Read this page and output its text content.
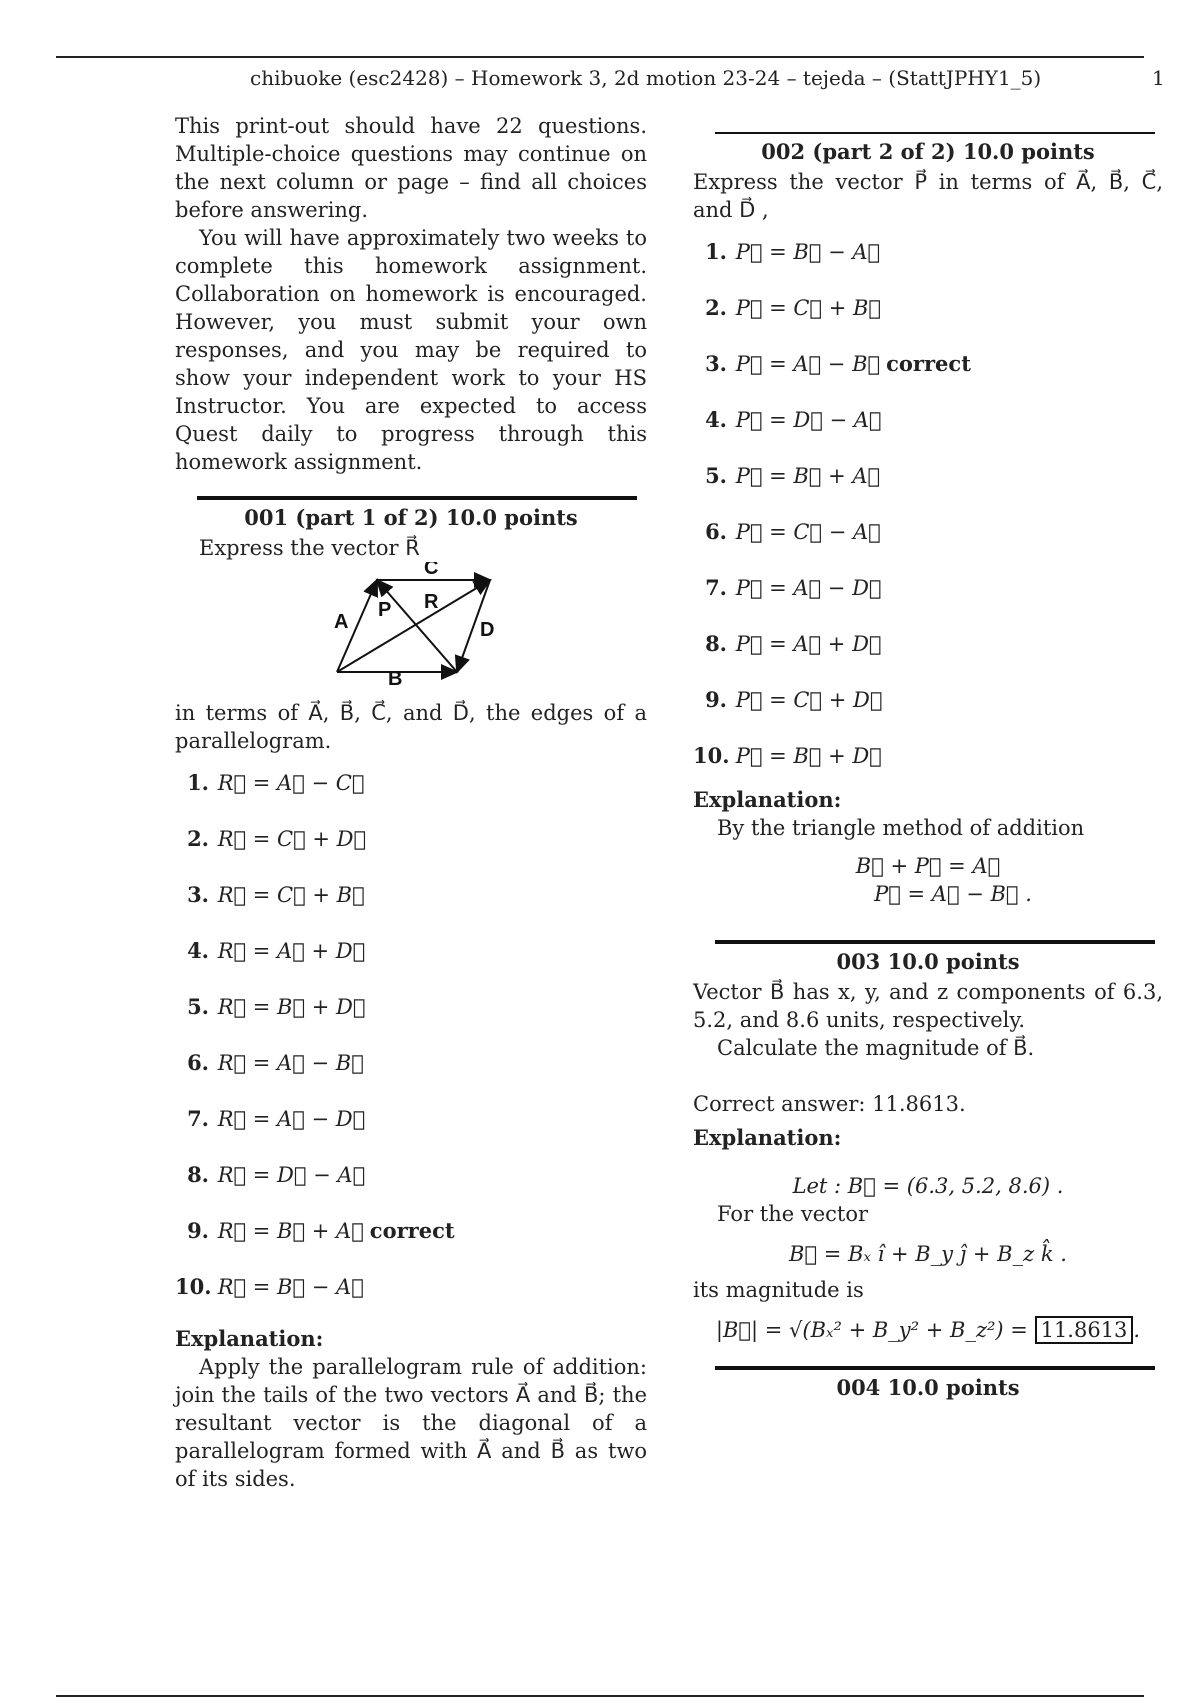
chibuoke (esc2428) – Homework 3, 2d motion 23-24 – tejeda – (StattJPHY1_5)	1

This print-out should have 22 questions. Multiple-choice questions may continue on the next column or page – find all choices before answering.

You will have approximately two weeks to complete this homework assignment. Collaboration on homework is encouraged. However, you must submit your own responses, and you may be required to show your independent work to your HS Instructor. You are expected to access Quest daily to progress through this homework assignment.

001 (part 1 of 2) 10.0 points

Express the vector R⃗

A
C
B
D
P R

in terms of A⃗, B⃗, C⃗, and D⃗, the edges of a parallelogram.

1. R⃗ = A⃗ − C⃗
2. R⃗ = C⃗ + D⃗
3. R⃗ = C⃗ + B⃗
4. R⃗ = A⃗ + D⃗
5. R⃗ = B⃗ + D⃗
6. R⃗ = A⃗ − B⃗
7. R⃗ = A⃗ − D⃗
8. R⃗ = D⃗ − A⃗
9. R⃗ = B⃗ + A⃗ correct
10. R⃗ = B⃗ − A⃗
Explanation:

Apply the parallelogram rule of addition: join the tails of the two vectors A⃗ and B⃗; the resultant vector is the diagonal of a parallelogram formed with A⃗ and B⃗ as two of its sides.

002 (part 2 of 2) 10.0 points

Express the vector P⃗ in terms of A⃗, B⃗, C⃗, and D⃗ ,

1. P⃗ = B⃗ − A⃗
2. P⃗ = C⃗ + B⃗
3. P⃗ = A⃗ − B⃗ correct
4. P⃗ = D⃗ − A⃗
5. P⃗ = B⃗ + A⃗
6. P⃗ = C⃗ − A⃗
7. P⃗ = A⃗ − D⃗
8. P⃗ = A⃗ + D⃗
9. P⃗ = C⃗ + D⃗
10. P⃗ = B⃗ + D⃗
Explanation:

By the triangle method of addition

B⃗ + P⃗ = A⃗
P⃗ = A⃗ − B⃗ .
003 10.0 points

Vector B⃗ has x, y, and z components of 6.3, 5.2, and 8.6 units, respectively.

Calculate the magnitude of B⃗.

Correct answer: 11.8613.

Explanation:
Let : B⃗ = (6.3, 5.2, 8.6) .

For the vector

B⃗ = Bₓ î + B_y ĵ + B_z k̂ .

its magnitude is

|B⃗| = √(Bₓ² + B_y² + B_z²) = 11.8613 .
004 10.0 points
